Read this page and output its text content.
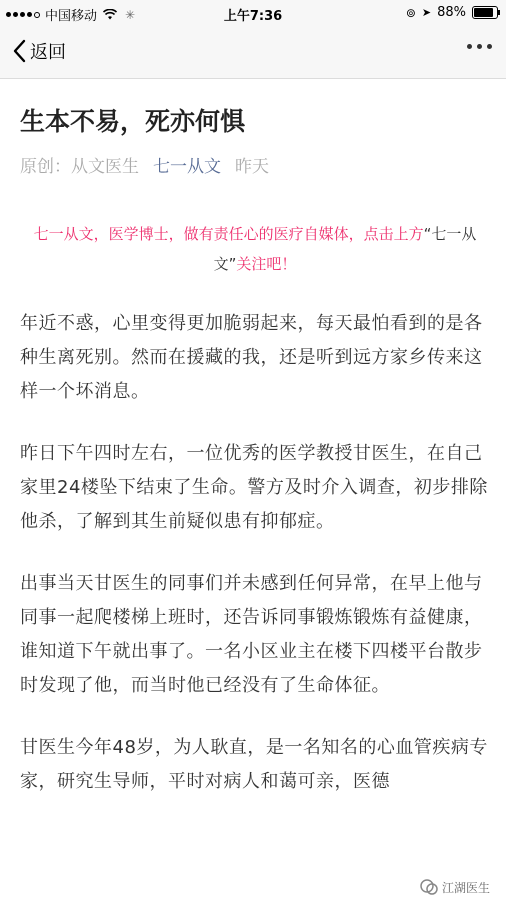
中国移动 ✳	上午7:36	⊚ ➤ 88%
返回
生本不易，死亦何惧
原创：从文医生 七一从文 昨天

七一从文，医学博士，做有责任心的医疗自媒体，点击上方“七一从文”关注吧！

年近不惑，心里变得更加脆弱起来，每天最怕看到的是各种生离死别。然而在援藏的我，还是听到远方家乡传来这样一个坏消息。

昨日下午四时左右，一位优秀的医学教授甘医生，在自己家里24楼坠下结束了生命。警方及时介入调查，初步排除他杀，了解到其生前疑似患有抑郁症。

出事当天甘医生的同事们并未感到任何异常，在早上他与同事一起爬楼梯上班时，还告诉同事锻炼锻炼有益健康，谁知道下午就出事了。一名小区业主在楼下四楼平台散步时发现了他，而当时他已经没有了生命体征。

甘医生今年48岁，为人耿直，是一名知名的心血管疾病专家，研究生导师，平时对病人和蔼可亲，医德

江湖医生
